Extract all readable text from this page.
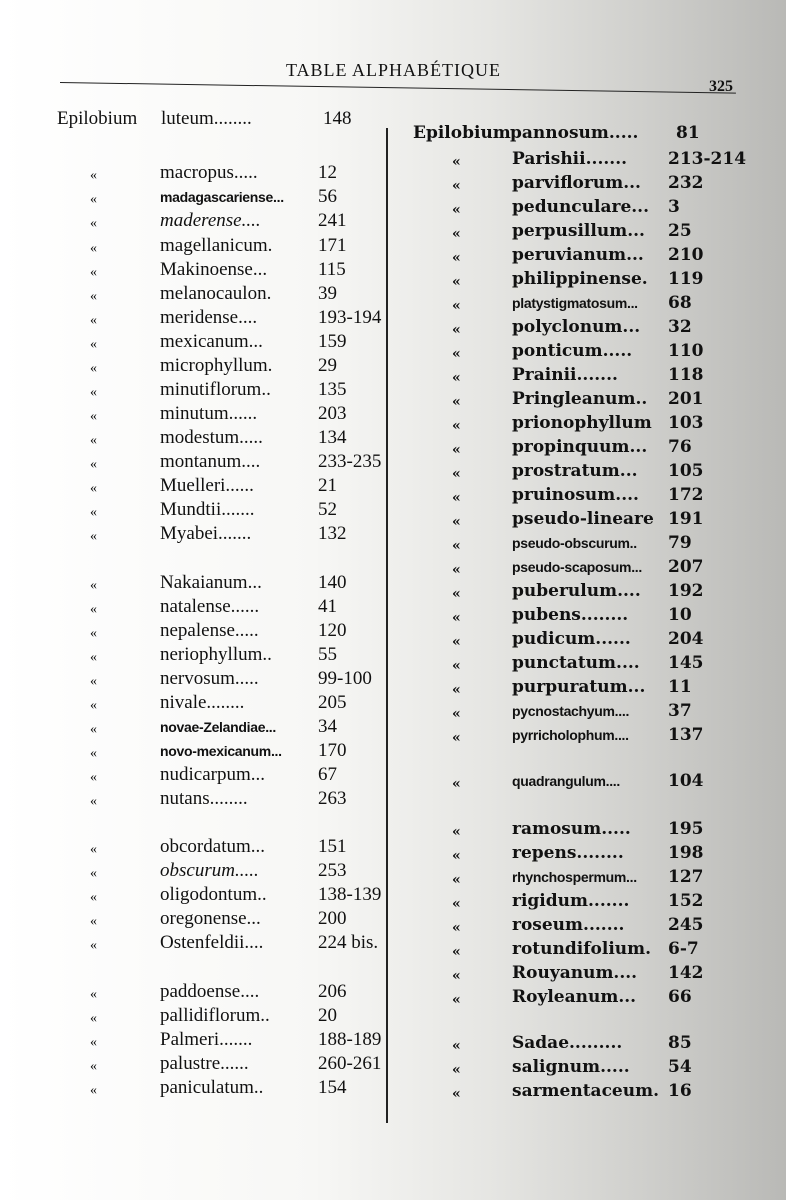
TABLE ALPHABÉTIQUE
325
Epilobium luteum........	148
«	macropus.....	12
«	madagascariense... 56
«	maderense....	241
«	magellanicum. 171
«	Makinoense...	115
«	melanocaulon. 39
«	meridense....	193-194
«	mexicanum...	159
«	microphyllum. 29
«	minutiflorum.. 135
«	minutum......	203
«	modestum.....	134
«	montanum....	233-235
«	Muelleri......	21
«	Mundtii.......	52
«	Myabei.......	132
«	Nakaianum...	140
«	natalense......	41
«	nepalense.....	120
«	neriophyllum.. 55
«	nervosum.....	99-100
«	nivale........	205
«	novae-Zelandiae... 34
«	novo-mexicanum... 170
«	nudicarpum...	67
«	nutans........	263
«	obcordatum...	151
«	obscurum.....	253
«	oligodontum..	138-139
«	oregonense...	200
«	Ostenfeldii....	224 bis.
«	paddoense....	206
«	pallidiflorum..	20
«	Palmeri.......	188-189
«	palustre......	260-261
«	paniculatum..	154
Epilobium pannosum..... 81
«	Parishii....... 213-214
«	parviflorum... 232
«	pedunculare... 3
«	perpusillum... 25
«	peruvianum... 210
«	philippinense. 119
«	platystigmatosum... 68
«	polyclonum... 32
«	ponticum..... 110
«	Prainii.......	118
«	Pringleanum.. 201
«	prionophyllum 103
«	propinquum... 76
«	prostratum... 105
«	pruinosum.... 172
«	pseudo-lineare 191
«	pseudo-obscurum.. 79
«	pseudo-scaposum... 207
«	puberulum.... 192
«	pubens........ 10
«	pudicum...... 204
«	punctatum.... 145
«	purpuratum... 11
«	pycnostachyum.... 37
«	pyrricholophum.... 137
«	quadrangulum....	104
«	ramosum..... 195
«	repens........	198
«	rhynchospermum... 127
«	rigidum....... 152
«	roseum.......	245
«	rotundifolium. 6-7
«	Rouyanum.... 142
«	Royleanum... 66
«	Sadae.........	85
«	salignum..... 54
«	sarmentaceum. 16
